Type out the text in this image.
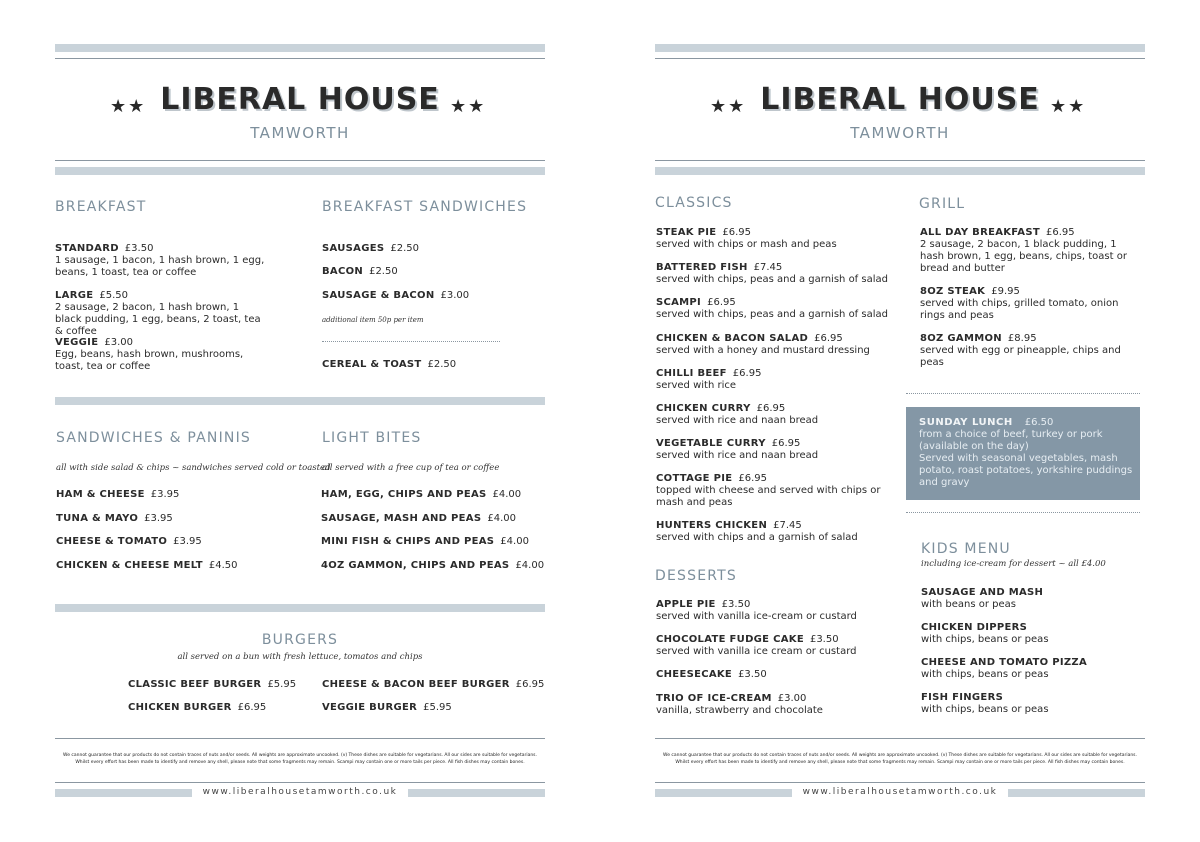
★★ LIBERAL HOUSE ★★
TAMWORTH
BREAKFAST
STANDARD £3.50
1 sausage, 1 bacon, 1 hash brown, 1 egg, beans, 1 toast, tea or coffee
LARGE £5.50
2 sausage, 2 bacon, 1 hash brown, 1 black pudding, 1 egg, beans, 2 toast, tea & coffee
VEGGIE £3.00
Egg, beans, hash brown, mushrooms, toast, tea or coffee
BREAKFAST SANDWICHES
SAUSAGES £2.50
BACON £2.50
SAUSAGE & BACON £3.00
additional item 50p per item
CEREAL & TOAST £2.50
SANDWICHES & PANINIS
all with side salad & chips ~ sandwiches served cold or toasted
HAM & CHEESE £3.95
TUNA & MAYO £3.95
CHEESE & TOMATO £3.95
CHICKEN & CHEESE MELT £4.50
LIGHT BITES
all served with a free cup of tea or coffee
HAM, EGG, CHIPS AND PEAS £4.00
SAUSAGE, MASH AND PEAS £4.00
MINI FISH & CHIPS AND PEAS £4.00
4OZ GAMMON, CHIPS AND PEAS £4.00
BURGERS
all served on a bun with fresh lettuce, tomatos and chips
CLASSIC BEEF BURGER £5.95	CHEESE & BACON BEEF BURGER £6.95
CHICKEN BURGER £6.95	VEGGIE BURGER £5.95
We cannot guarantee that our products do not contain traces of nuts and/or seeds. All weights are approximate uncooked. (v) These dishes are suitable for vegetarians. All our sides are suitable for vegetarians.
Whilst every effort has been made to identify and remove any shell, please note that some fragments may remain. Scampi may contain one or more tails per piece. All fish dishes may contain bones.
www.liberalhousetamworth.co.uk
★★ LIBERAL HOUSE ★★
TAMWORTH
CLASSICS
STEAK PIE £6.95
served with chips or mash and peas
BATTERED FISH £7.45
served with chips, peas and a garnish of salad
SCAMPI £6.95
served with chips, peas and a garnish of salad
CHICKEN & BACON SALAD £6.95
served with a honey and mustard dressing
CHILLI BEEF £6.95
served with rice
CHICKEN CURRY £6.95
served with rice and naan bread
VEGETABLE CURRY £6.95
served with rice and naan bread
COTTAGE PIE £6.95
topped with cheese and served with chips or mash and peas
HUNTERS CHICKEN £7.45
served with chips and a garnish of salad
DESSERTS
APPLE PIE £3.50
served with vanilla ice-cream or custard
CHOCOLATE FUDGE CAKE £3.50
served with vanilla ice cream or custard
CHEESECAKE £3.50
TRIO OF ICE-CREAM £3.00
vanilla, strawberry and chocolate
GRILL
ALL DAY BREAKFAST £6.95
2 sausage, 2 bacon, 1 black pudding, 1 hash brown, 1 egg, beans, chips, toast or bread and butter
8OZ STEAK £9.95
served with chips, grilled tomato, onion rings and peas
8OZ GAMMON £8.95
served with egg or pineapple, chips and peas
SUNDAY LUNCH £6.50
from a choice of beef, turkey or pork
(available on the day)
Served with seasonal vegetables, mash potato, roast potatoes, yorkshire puddings and gravy
KIDS MENU
including ice-cream for dessert ~ all £4.00
SAUSAGE AND MASH
with beans or peas
CHICKEN DIPPERS
with chips, beans or peas
CHEESE AND TOMATO PIZZA
with chips, beans or peas
FISH FINGERS
with chips, beans or peas
We cannot guarantee that our products do not contain traces of nuts and/or seeds. All weights are approximate uncooked. (v) These dishes are suitable for vegetarians. All our sides are suitable for vegetarians.
Whilst every effort has been made to identify and remove any shell, please note that some fragments may remain. Scampi may contain one or more tails per piece. All fish dishes may contain bones.
www.liberalhousetamworth.co.uk
